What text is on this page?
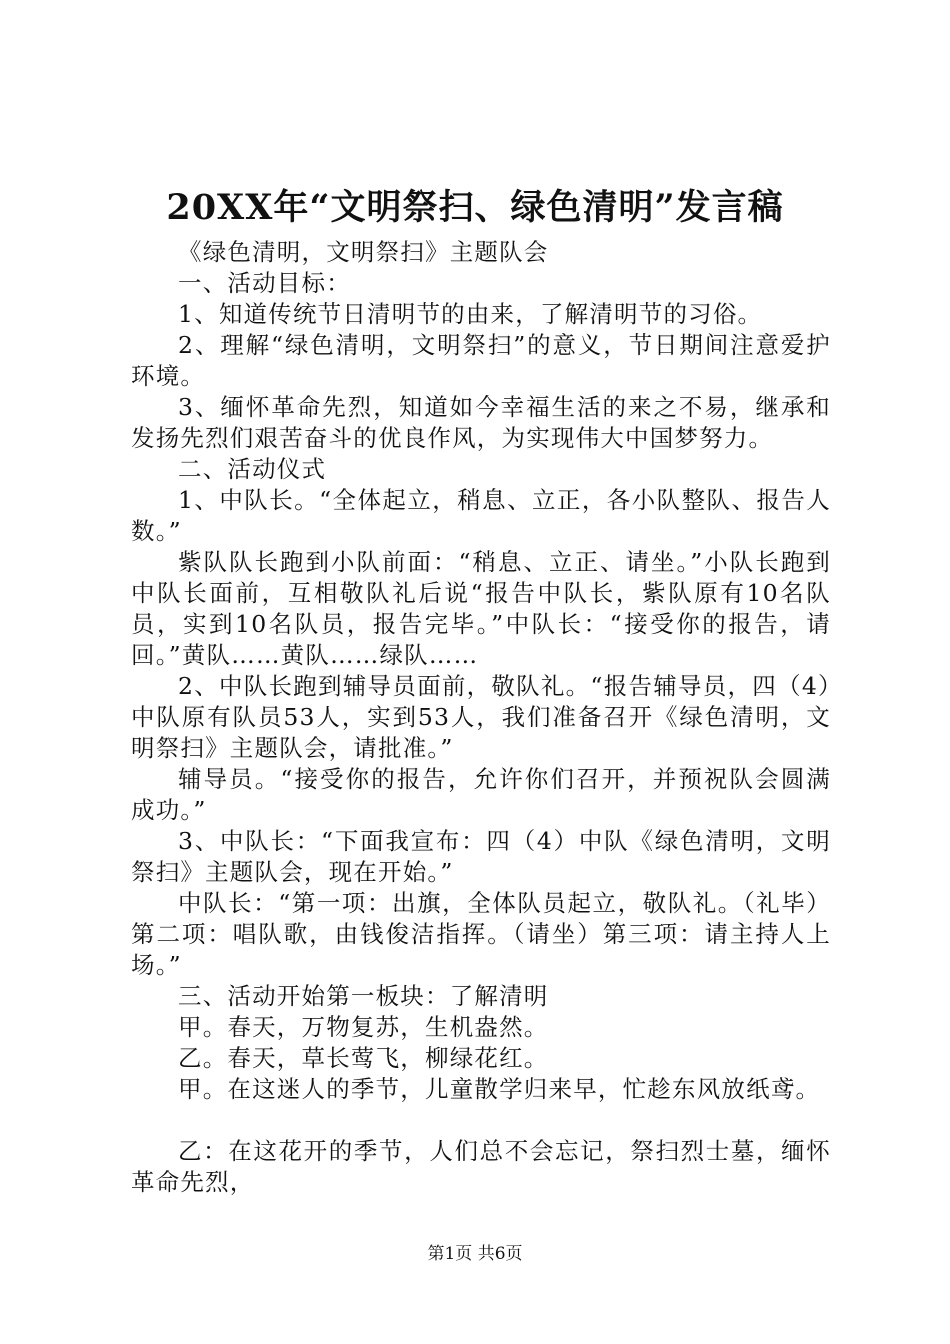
20XX年“文明祭扫、绿色清明”发言稿

《绿色清明，文明祭扫》主题队会

一、活动目标：

1、知道传统节日清明节的由来，了解清明节的习俗。

2、理解“绿色清明，文明祭扫”的意义，节日期间注意爱护环境。

3、缅怀革命先烈，知道如今幸福生活的来之不易，继承和发扬先烈们艰苦奋斗的优良作风，为实现伟大中国梦努力。

二、活动仪式

1、中队长。“全体起立，稍息、立正，各小队整队、报告人数。”

紫队队长跑到小队前面：“稍息、立正、请坐。”小队长跑到中队长面前，互相敬队礼后说“报告中队长，紫队原有10名队员，实到10名队员，报告完毕。”中队长：“接受你的报告，请回。”黄队……黄队……绿队……

2、中队长跑到辅导员面前，敬队礼。“报告辅导员，四（4）中队原有队员53人，实到53人，我们准备召开《绿色清明，文明祭扫》主题队会，请批准。”

辅导员。“接受你的报告，允许你们召开，并预祝队会圆满成功。”

3、中队长：“下面我宣布：四（4）中队《绿色清明，文明祭扫》主题队会，现在开始。”

中队长：“第一项：出旗，全体队员起立，敬队礼。（礼毕）第二项：唱队歌，由钱俊洁指挥。（请坐）第三项：请主持人上场。”

三、活动开始第一板块：了解清明

甲。春天，万物复苏，生机盎然。

乙。春天，草长莺飞，柳绿花红。

甲。在这迷人的季节，儿童散学归来早，忙趁东风放纸鸢。

乙：在这花开的季节，人们总不会忘记，祭扫烈士墓，缅怀革命先烈，

第1页 共6页
